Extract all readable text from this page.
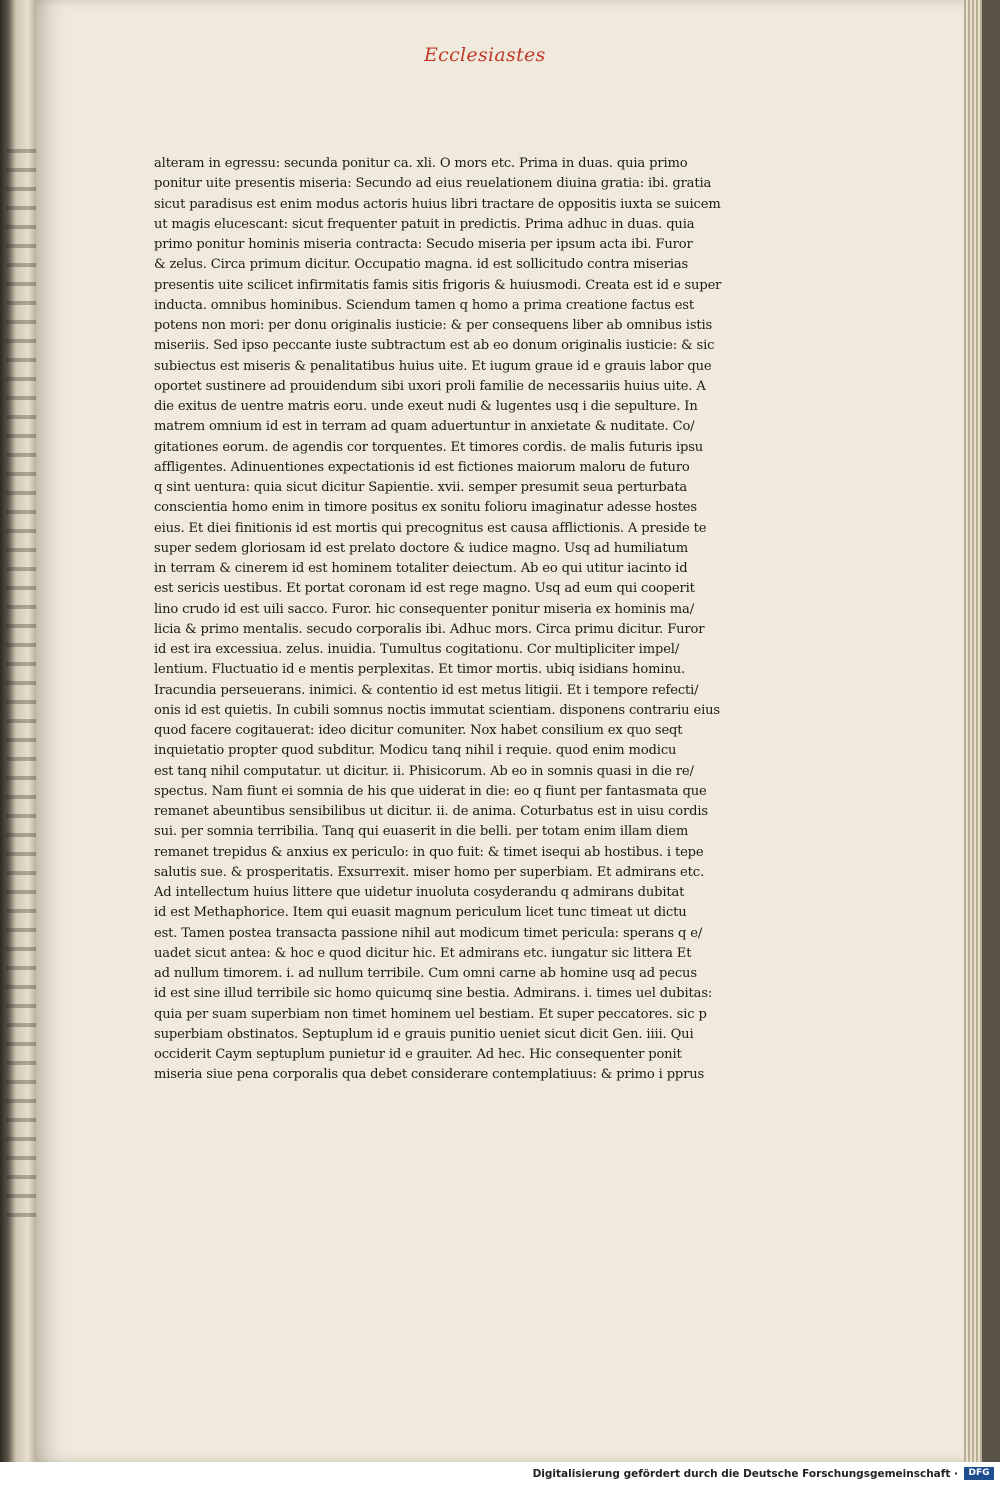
Ecclesiastes
alteram in egressu: secunda ponitur ca. xli. O mors etc. Prima in duas. quia primo
ponitur uite presentis miseria: Secundo ad eius reuelationem diuina gratia: ibi. gratia
sicut paradisus est enim modus actoris huius libri tractare de oppositis iuxta se suicem
ut magis elucescant: sicut frequenter patuit in predictis. Prima adhuc in duas. quia
primo ponitur hominis miseria contracta: Secudo miseria per ipsum acta ibi. Furor
& zelus. Circa primum dicitur. Occupatio magna. id est sollicitudo contra miserias
presentis uite scilicet infirmitatis famis sitis frigoris & huiusmodi. Creata est id e super
inducta. omnibus hominibus. Sciendum tamen q homo a prima creatione factus est
potens non mori: per donu originalis iusticie: & per consequens liber ab omnibus istis
miseriis. Sed ipso peccante iuste subtractum est ab eo donum originalis iusticie: & sic
subiectus est miseris & penalitatibus huius uite. Et iugum graue id e grauis labor que
oportet sustinere ad prouidendum sibi uxori proli familie de necessariis huius uite. A
die exitus de uentre matris eoru. unde exeut nudi & lugentes usq i die sepulture. In
matrem omnium id est in terram ad quam aduertuntur in anxietate & nuditate. Co/
gitationes eorum. de agendis cor torquentes. Et timores cordis. de malis futuris ipsu
affligentes. Adinuentiones expectationis id est fictiones maiorum maloru de futuro
q sint uentura: quia sicut dicitur Sapientie. xvii. semper presumit seua perturbata
conscientia homo enim in timore positus ex sonitu folioru imaginatur adesse hostes
eius. Et diei finitionis id est mortis qui precognitus est causa afflictionis. A preside te
super sedem gloriosam id est prelato doctore & iudice magno. Usq ad humiliatum
in terram & cinerem id est hominem totaliter deiectum. Ab eo qui utitur iacinto id
est sericis uestibus. Et portat coronam id est rege magno. Usq ad eum qui cooperit
lino crudo id est uili sacco. Furor. hic consequenter ponitur miseria ex hominis ma/
licia & primo mentalis. secudo corporalis ibi. Adhuc mors. Circa primu dicitur. Furor
id est ira excessiua. zelus. inuidia. Tumultus cogitationu. Cor multipliciter impel/
lentium. Fluctuatio id e mentis perplexitas. Et timor mortis. ubiq isidians hominu.
Iracundia perseuerans. inimici. & contentio id est metus litigii. Et i tempore refecti/
onis id est quietis. In cubili somnus noctis immutat scientiam. disponens contrariu eius
quod facere cogitauerat: ideo dicitur comuniter. Nox habet consilium ex quo seqt
inquietatio propter quod subditur. Modicu tanq nihil i requie. quod enim modicu
est tanq nihil computatur. ut dicitur. ii. Phisicorum. Ab eo in somnis quasi in die re/
spectus. Nam fiunt ei somnia de his que uiderat in die: eo q fiunt per fantasmata que
remanet abeuntibus sensibilibus ut dicitur. ii. de anima. Coturbatus est in uisu cordis
sui. per somnia terribilia. Tanq qui euaserit in die belli. per totam enim illam diem
remanet trepidus & anxius ex periculo: in quo fuit: & timet isequi ab hostibus. i tepe
salutis sue. & prosperitatis. Exsurrexit. miser homo per superbiam. Et admirans etc.
Ad intellectum huius littere que uidetur inuoluta cosyderandu q admirans dubitat
id est Methaphorice. Item qui euasit magnum periculum licet tunc timeat ut dictu
est. Tamen postea transacta passione nihil aut modicum timet pericula: sperans q e/
uadet sicut antea: & hoc e quod dicitur hic. Et admirans etc. iungatur sic littera Et
ad nullum timorem. i. ad nullum terribile. Cum omni carne ab homine usq ad pecus
id est sine illud terribile sic homo quicumq sine bestia. Admirans. i. times uel dubitas:
quia per suam superbiam non timet hominem uel bestiam. Et super peccatores. sic p
superbiam obstinatos. Septuplum id e grauis punitio ueniet sicut dicit Gen. iiii. Qui
occiderit Caym septuplum punietur id e grauiter. Ad hec. Hic consequenter ponit
miseria siue pena corporalis qua debet considerare contemplatiuus: & primo i pprus
Digitalisierung gefördert durch die Deutsche Forschungsgemeinschaft ·	DFG
